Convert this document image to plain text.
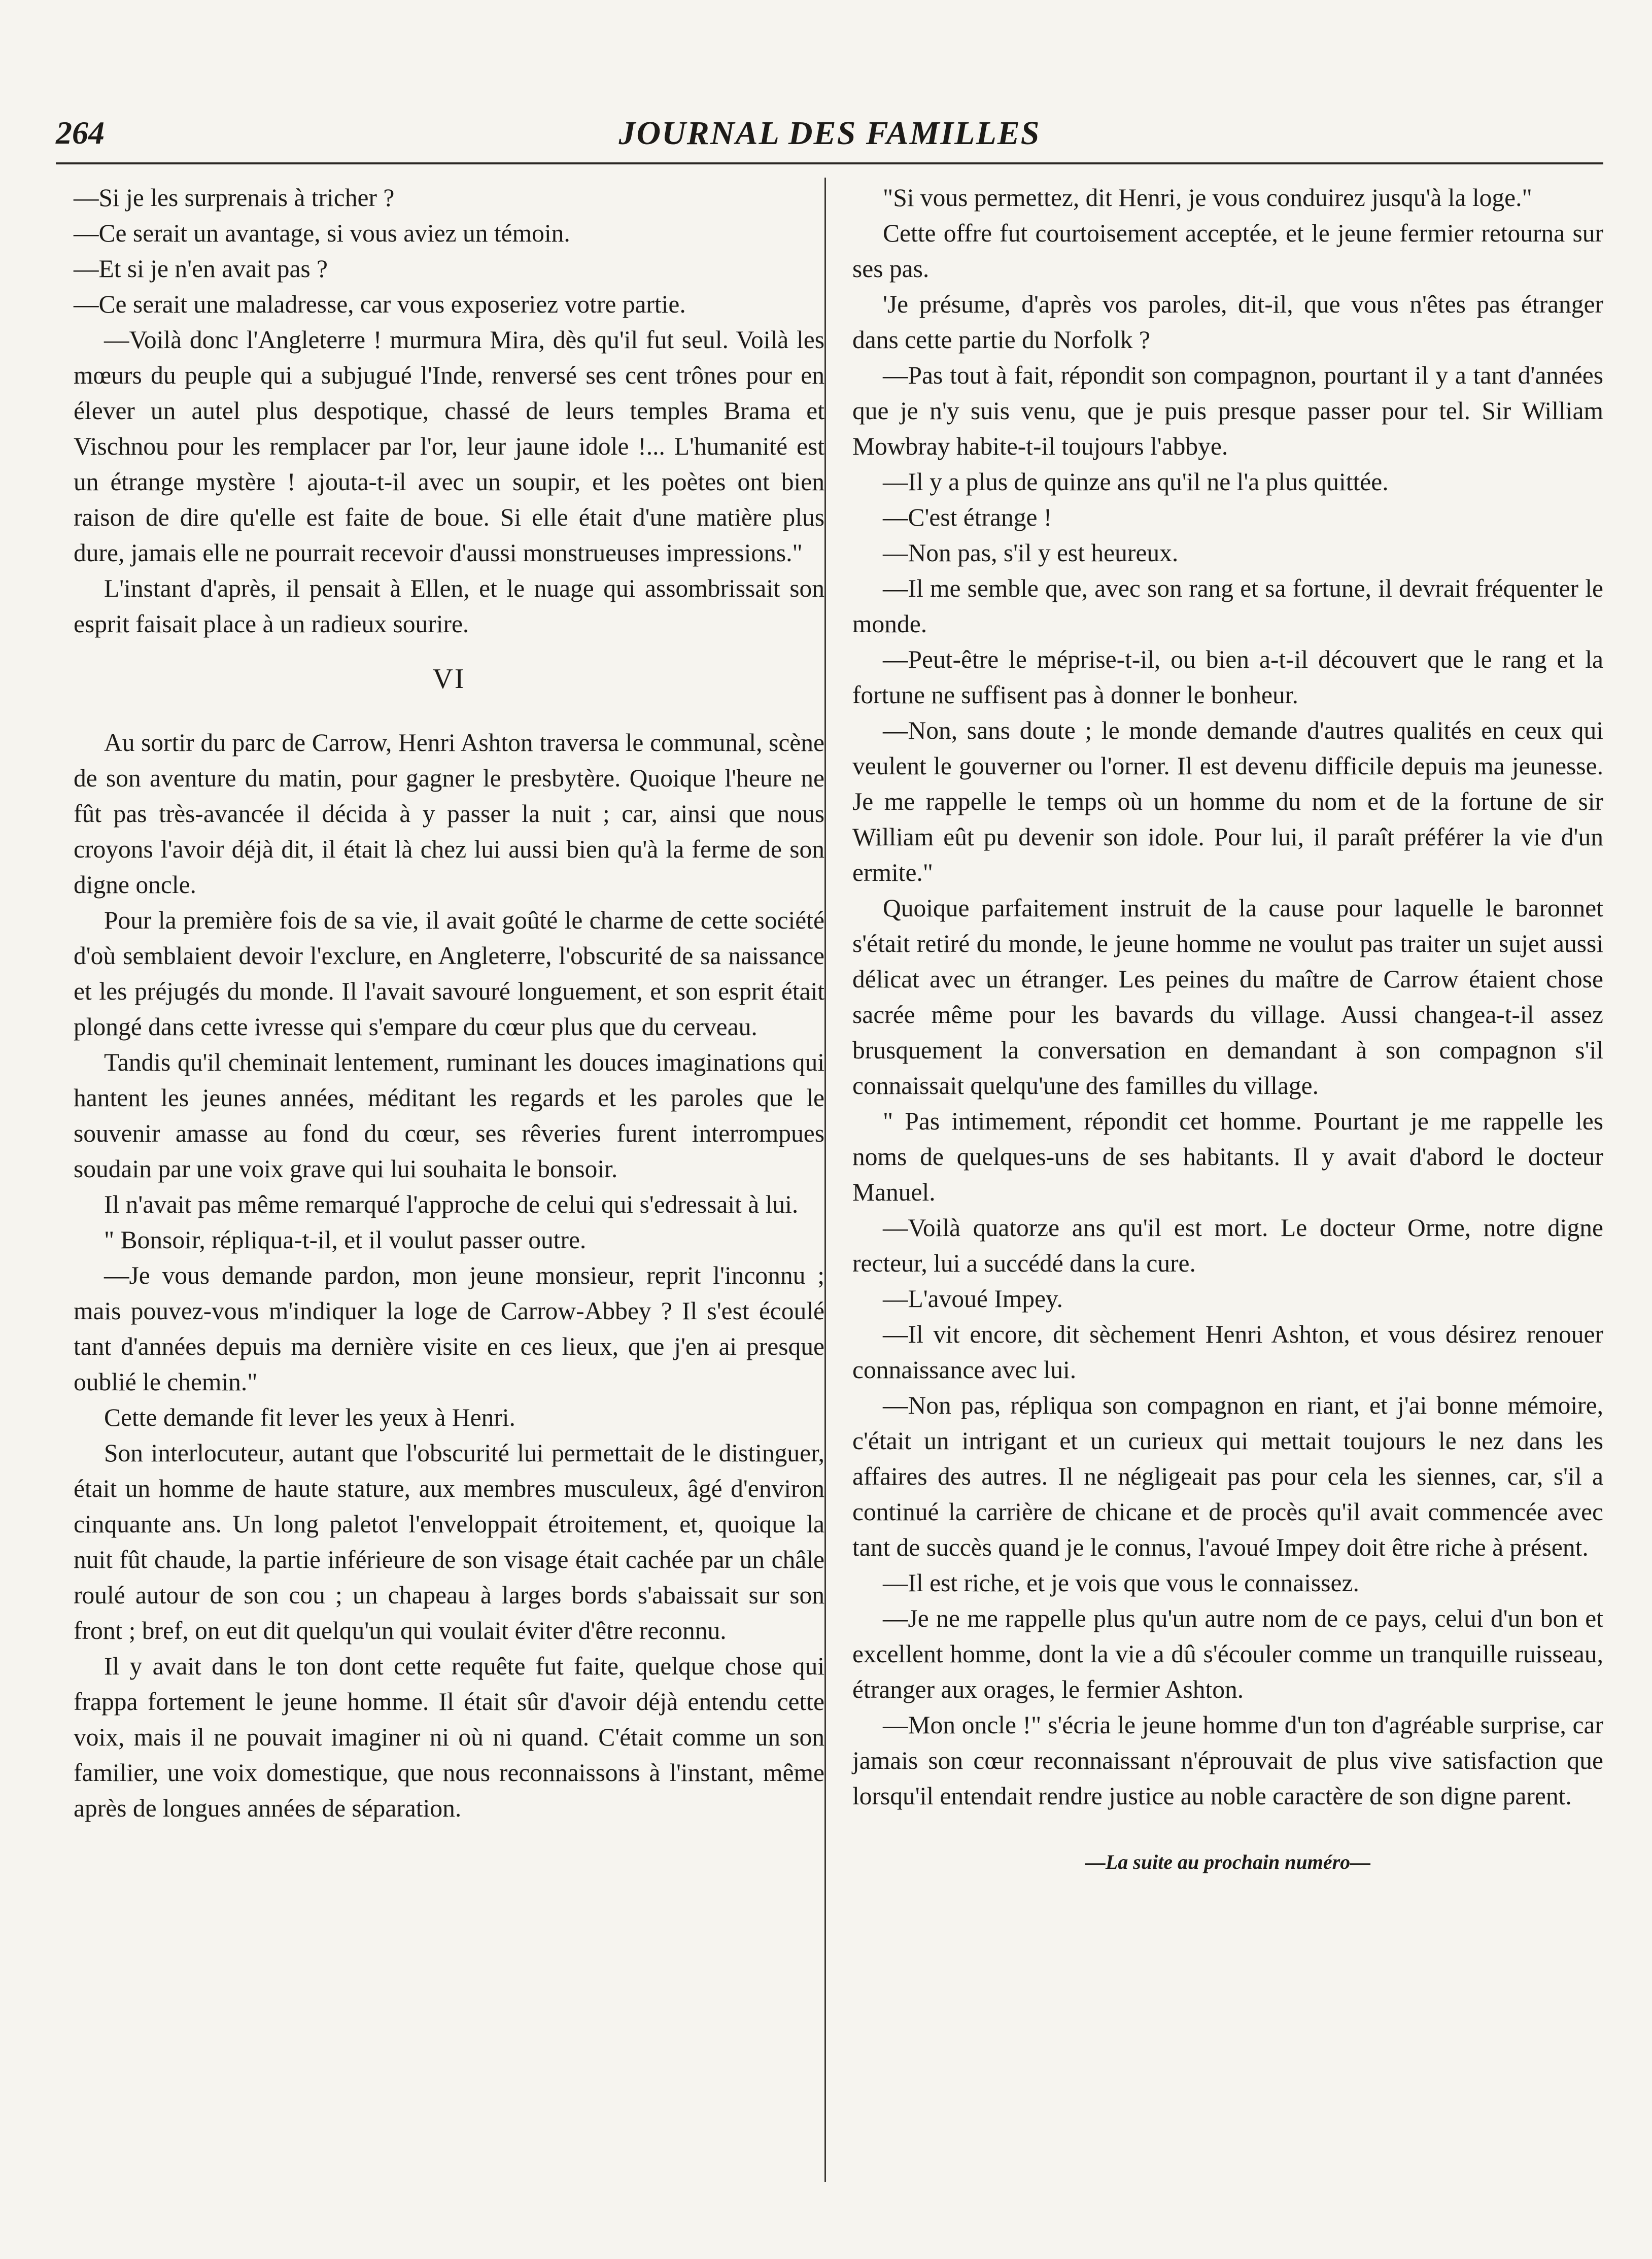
264	JOURNAL DES FAMILLES

—Si je les surprenais à tricher ?

—Ce serait un avantage, si vous aviez un témoin.

—Et si je n'en avait pas ?

—Ce serait une maladresse, car vous exposeriez votre partie.

—Voilà donc l'Angleterre ! murmura Mira, dès qu'il fut seul. Voilà les mœurs du peuple qui a subjugué l'Inde, renversé ses cent trônes pour en élever un autel plus despotique, chassé de leurs temples Brama et Vischnou pour les remplacer par l'or, leur jaune idole !... L'humanité est un étrange mystère ! ajouta-t-il avec un soupir, et les poètes ont bien raison de dire qu'elle est faite de boue. Si elle était d'une matière plus dure, jamais elle ne pourrait recevoir d'aussi monstrueuses impressions."

L'instant d'après, il pensait à Ellen, et le nuage qui assombrissait son esprit faisait place à un radieux sourire.

VI

Au sortir du parc de Carrow, Henri Ashton traversa le communal, scène de son aventure du matin, pour gagner le presbytère. Quoique l'heure ne fût pas très-avancée il décida à y passer la nuit ; car, ainsi que nous croyons l'avoir déjà dit, il était là chez lui aussi bien qu'à la ferme de son digne oncle.

Pour la première fois de sa vie, il avait goûté le charme de cette société d'où semblaient devoir l'exclure, en Angleterre, l'obscurité de sa naissance et les préjugés du monde. Il l'avait savouré longuement, et son esprit était plongé dans cette ivresse qui s'empare du cœur plus que du cerveau.

Tandis qu'il cheminait lentement, ruminant les douces imaginations qui hantent les jeunes années, méditant les regards et les paroles que le souvenir amasse au fond du cœur, ses rêveries furent interrompues soudain par une voix grave qui lui souhaita le bonsoir.

Il n'avait pas même remarqué l'approche de celui qui s'edressait à lui.

" Bonsoir, répliqua-t-il, et il voulut passer outre.

—Je vous demande pardon, mon jeune monsieur, reprit l'inconnu ; mais pouvez-vous m'indiquer la loge de Carrow-Abbey ? Il s'est écoulé tant d'années depuis ma dernière visite en ces lieux, que j'en ai presque oublié le chemin."

Cette demande fit lever les yeux à Henri.

Son interlocuteur, autant que l'obscurité lui permettait de le distinguer, était un homme de haute stature, aux membres musculeux, âgé d'environ cinquante ans. Un long paletot l'enveloppait étroitement, et, quoique la nuit fût chaude, la partie inférieure de son visage était cachée par un châle roulé autour de son cou ; un chapeau à larges bords s'abaissait sur son front ; bref, on eut dit quelqu'un qui voulait éviter d'être reconnu.

Il y avait dans le ton dont cette requête fut faite, quelque chose qui frappa fortement le jeune homme. Il était sûr d'avoir déjà entendu cette voix, mais il ne pouvait imaginer ni où ni quand. C'était comme un son familier, une voix domestique, que nous reconnaissons à l'instant, même après de longues années de séparation.

"Si vous permettez, dit Henri, je vous conduirez jusqu'à la loge."

Cette offre fut courtoisement acceptée, et le jeune fermier retourna sur ses pas.

'Je présume, d'après vos paroles, dit-il, que vous n'êtes pas étranger dans cette partie du Norfolk ?

—Pas tout à fait, répondit son compagnon, pourtant il y a tant d'années que je n'y suis venu, que je puis presque passer pour tel. Sir William Mowbray habite-t-il toujours l'abbye.

—Il y a plus de quinze ans qu'il ne l'a plus quittée.

—C'est étrange !

—Non pas, s'il y est heureux.

—Il me semble que, avec son rang et sa fortune, il devrait fréquenter le monde.

—Peut-être le méprise-t-il, ou bien a-t-il découvert que le rang et la fortune ne suffisent pas à donner le bonheur.

—Non, sans doute ; le monde demande d'autres qualités en ceux qui veulent le gouverner ou l'orner. Il est devenu difficile depuis ma jeunesse. Je me rappelle le temps où un homme du nom et de la fortune de sir William eût pu devenir son idole. Pour lui, il paraît préférer la vie d'un ermite."

Quoique parfaitement instruit de la cause pour laquelle le baronnet s'était retiré du monde, le jeune homme ne voulut pas traiter un sujet aussi délicat avec un étranger. Les peines du maître de Carrow étaient chose sacrée même pour les bavards du village. Aussi changea-t-il assez brusquement la conversation en demandant à son compagnon s'il connaissait quelqu'une des familles du village.

" Pas intimement, répondit cet homme. Pourtant je me rappelle les noms de quelques-uns de ses habitants. Il y avait d'abord le docteur Manuel.

—Voilà quatorze ans qu'il est mort. Le docteur Orme, notre digne recteur, lui a succédé dans la cure.

—L'avoué Impey.

—Il vit encore, dit sèchement Henri Ashton, et vous désirez renouer connaissance avec lui.

—Non pas, répliqua son compagnon en riant, et j'ai bonne mémoire, c'était un intrigant et un curieux qui mettait toujours le nez dans les affaires des autres. Il ne négligeait pas pour cela les siennes, car, s'il a continué la carrière de chicane et de procès qu'il avait commencée avec tant de succès quand je le connus, l'avoué Impey doit être riche à présent.

—Il est riche, et je vois que vous le connaissez.

—Je ne me rappelle plus qu'un autre nom de ce pays, celui d'un bon et excellent homme, dont la vie a dû s'écouler comme un tranquille ruisseau, étranger aux orages, le fermier Ashton.

—Mon oncle !" s'écria le jeune homme d'un ton d'agréable surprise, car jamais son cœur reconnaissant n'éprouvait de plus vive satisfaction que lorsqu'il entendait rendre justice au noble caractère de son digne parent.

—La suite au prochain numéro—
